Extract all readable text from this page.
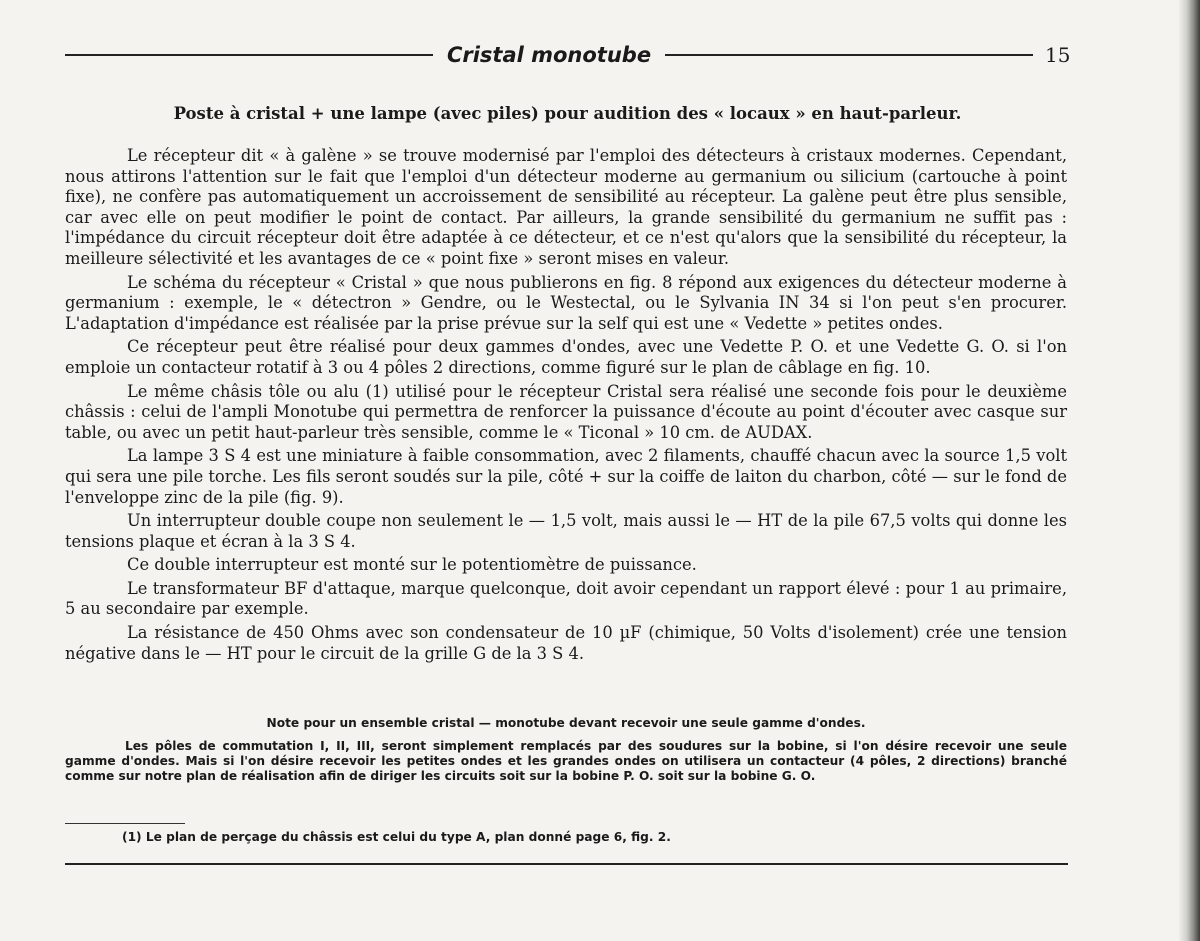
Cristal monotube	15
Poste à cristal + une lampe (avec piles) pour audition des « locaux » en haut-parleur.

Le récepteur dit « à galène » se trouve modernisé par l'emploi des détecteurs à cristaux modernes. Cependant, nous attirons l'attention sur le fait que l'emploi d'un détecteur moderne au germanium ou silicium (cartouche à point fixe), ne confère pas automatiquement un accroissement de sensibilité au récepteur. La galène peut être plus sensible, car avec elle on peut modifier le point de contact. Par ailleurs, la grande sensibilité du germanium ne suffit pas : l'impédance du circuit récepteur doit être adaptée à ce détecteur, et ce n'est qu'alors que la sensibilité du récepteur, la meilleure sélectivité et les avantages de ce « point fixe » seront mises en valeur.

Le schéma du récepteur « Cristal » que nous publierons en fig. 8 répond aux exigences du détecteur moderne à germanium : exemple, le « détectron » Gendre, ou le Westectal, ou le Sylvania IN 34 si l'on peut s'en procurer. L'adaptation d'impédance est réalisée par la prise prévue sur la self qui est une « Vedette » petites ondes.

Ce récepteur peut être réalisé pour deux gammes d'ondes, avec une Vedette P. O. et une Vedette G. O. si l'on emploie un contacteur rotatif à 3 ou 4 pôles 2 directions, comme figuré sur le plan de câblage en fig. 10.

Le même châsis tôle ou alu (1) utilisé pour le récepteur Cristal sera réalisé une seconde fois pour le deuxième châssis : celui de l'ampli Monotube qui permettra de renforcer la puissance d'écoute au point d'écouter avec casque sur table, ou avec un petit haut-parleur très sensible, comme le « Ticonal » 10 cm. de AUDAX.

La lampe 3 S 4 est une miniature à faible consommation, avec 2 filaments, chauffé chacun avec la source 1,5 volt qui sera une pile torche. Les fils seront soudés sur la pile, côté + sur la coiffe de laiton du charbon, côté — sur le fond de l'enveloppe zinc de la pile (fig. 9).

Un interrupteur double coupe non seulement le — 1,5 volt, mais aussi le — HT de la pile 67,5 volts qui donne les tensions plaque et écran à la 3 S 4.

Ce double interrupteur est monté sur le potentiomètre de puissance.

Le transformateur BF d'attaque, marque quelconque, doit avoir cependant un rapport élevé : pour 1 au primaire, 5 au secondaire par exemple.

La résistance de 450 Ohms avec son condensateur de 10 µF (chimique, 50 Volts d'isolement) crée une tension négative dans le — HT pour le circuit de la grille G de la 3 S 4.

Note pour un ensemble cristal — monotube devant recevoir une seule gamme d'ondes.
Les pôles de commutation I, II, III, seront simplement remplacés par des soudures sur la bobine, si l'on désire recevoir une seule gamme d'ondes. Mais si l'on désire recevoir les petites ondes et les grandes ondes on utilisera un contacteur (4 pôles, 2 directions) branché comme sur notre plan de réalisation afin de diriger les circuits soit sur la bobine P. O. soit sur la bobine G. O.
(1) Le plan de perçage du châssis est celui du type A, plan donné page 6, fig. 2.
